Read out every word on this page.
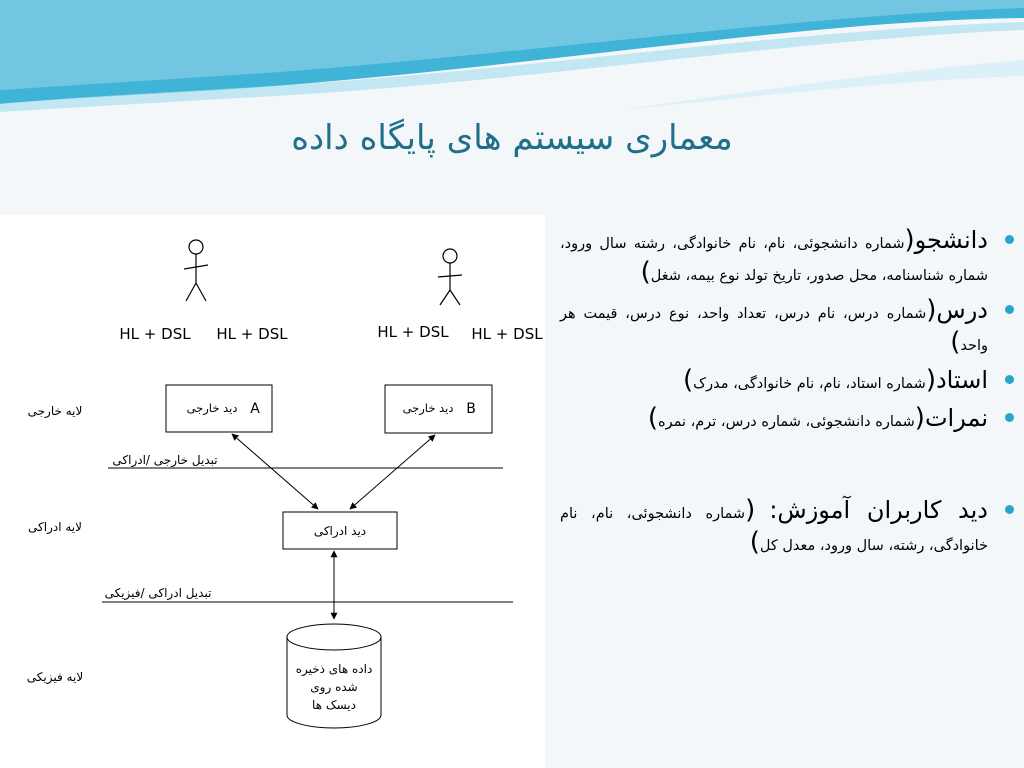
معماری سیستم های پایگاه داده
HL + DSL HL + DSL	HL + DSL HL + DSL
A
دید خارجی	B
دید خارجی
لایه خارجی
لایه ادراکی
لایه فیزیکی
تبدیل خارجی /ادراکی
تبدیل ادراکی /فیزیکی
دید ادراکی
داده های ذخیره
شده روی
دیسک ها
دانشجو(شماره دانشجوئی، نام، نام خانوادگی، رشته سال ورود، شماره شناسنامه، محل صدور، تاریخ تولد نوع بیمه، شغل)
درس(شماره درس، نام درس، تعداد واحد، نوع درس، قیمت هر واحد)
استاد(شماره استاد، نام، نام خانوادگی، مدرک)
نمرات(شماره دانشجوئی، شماره درس، ترم، نمره)
دید کاربران آموزش: (شماره دانشجوئی، نام، نام خانوادگی، رشته، سال ورود، معدل کل)
